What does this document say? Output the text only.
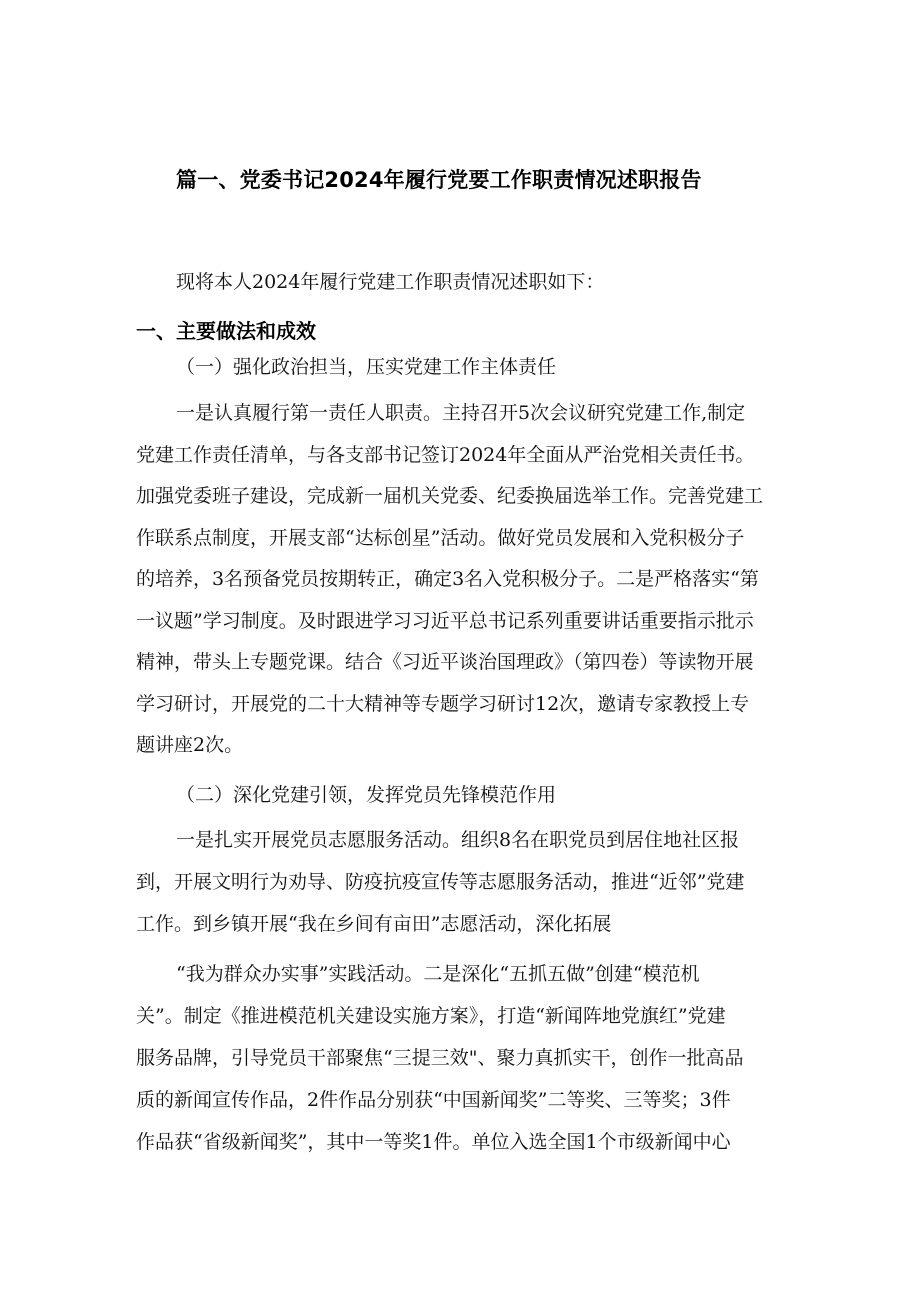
篇一、党委书记2024年履行党要工作职责情况述职报告
现将本人2024年履行党建工作职责情况述职如下：
一、主要做法和成效
（一）强化政治担当，压实党建工作主体责任
一是认真履行第一责任人职责。主持召开5次会议研究党建工作,制定
党建工作责任清单，与各支部书记签订2024年全面从严治党相关责任书。
加强党委班子建设，完成新一届机关党委、纪委换届选举工作。完善党建工
作联系点制度，开展支部“达标创星”活动。做好党员发展和入党积极分子
的培养，3名预备党员按期转正，确定3名入党积极分子。二是严格落实“第
一议题”学习制度。及时跟进学习习近平总书记系列重要讲话重要指示批示
精神，带头上专题党课。结合《习近平谈治国理政》（第四卷）等读物开展
学习研讨，开展党的二十大精神等专题学习研讨12次，邀请专家教授上专
题讲座2次。
（二）深化党建引领，发挥党员先锋模范作用
一是扎实开展党员志愿服务活动。组织8名在职党员到居住地社区报
到，开展文明行为劝导、防疫抗疫宣传等志愿服务活动，推进“近邻”党建
工作。到乡镇开展“我在乡间有亩田”志愿活动，深化拓展
“我为群众办实事”实践活动。二是深化“五抓五做”创建“模范机
关”。制定《推进模范机关建设实施方案》，打造“新闻阵地党旗红”党建
服务品牌，引导党员干部聚焦“三提三效"、聚力真抓实干，创作一批高品
质的新闻宣传作品，2件作品分别获“中国新闻奖”二等奖、三等奖；3件
作品获“省级新闻奖”，其中一等奖1件。单位入选全国1个市级新闻中心
